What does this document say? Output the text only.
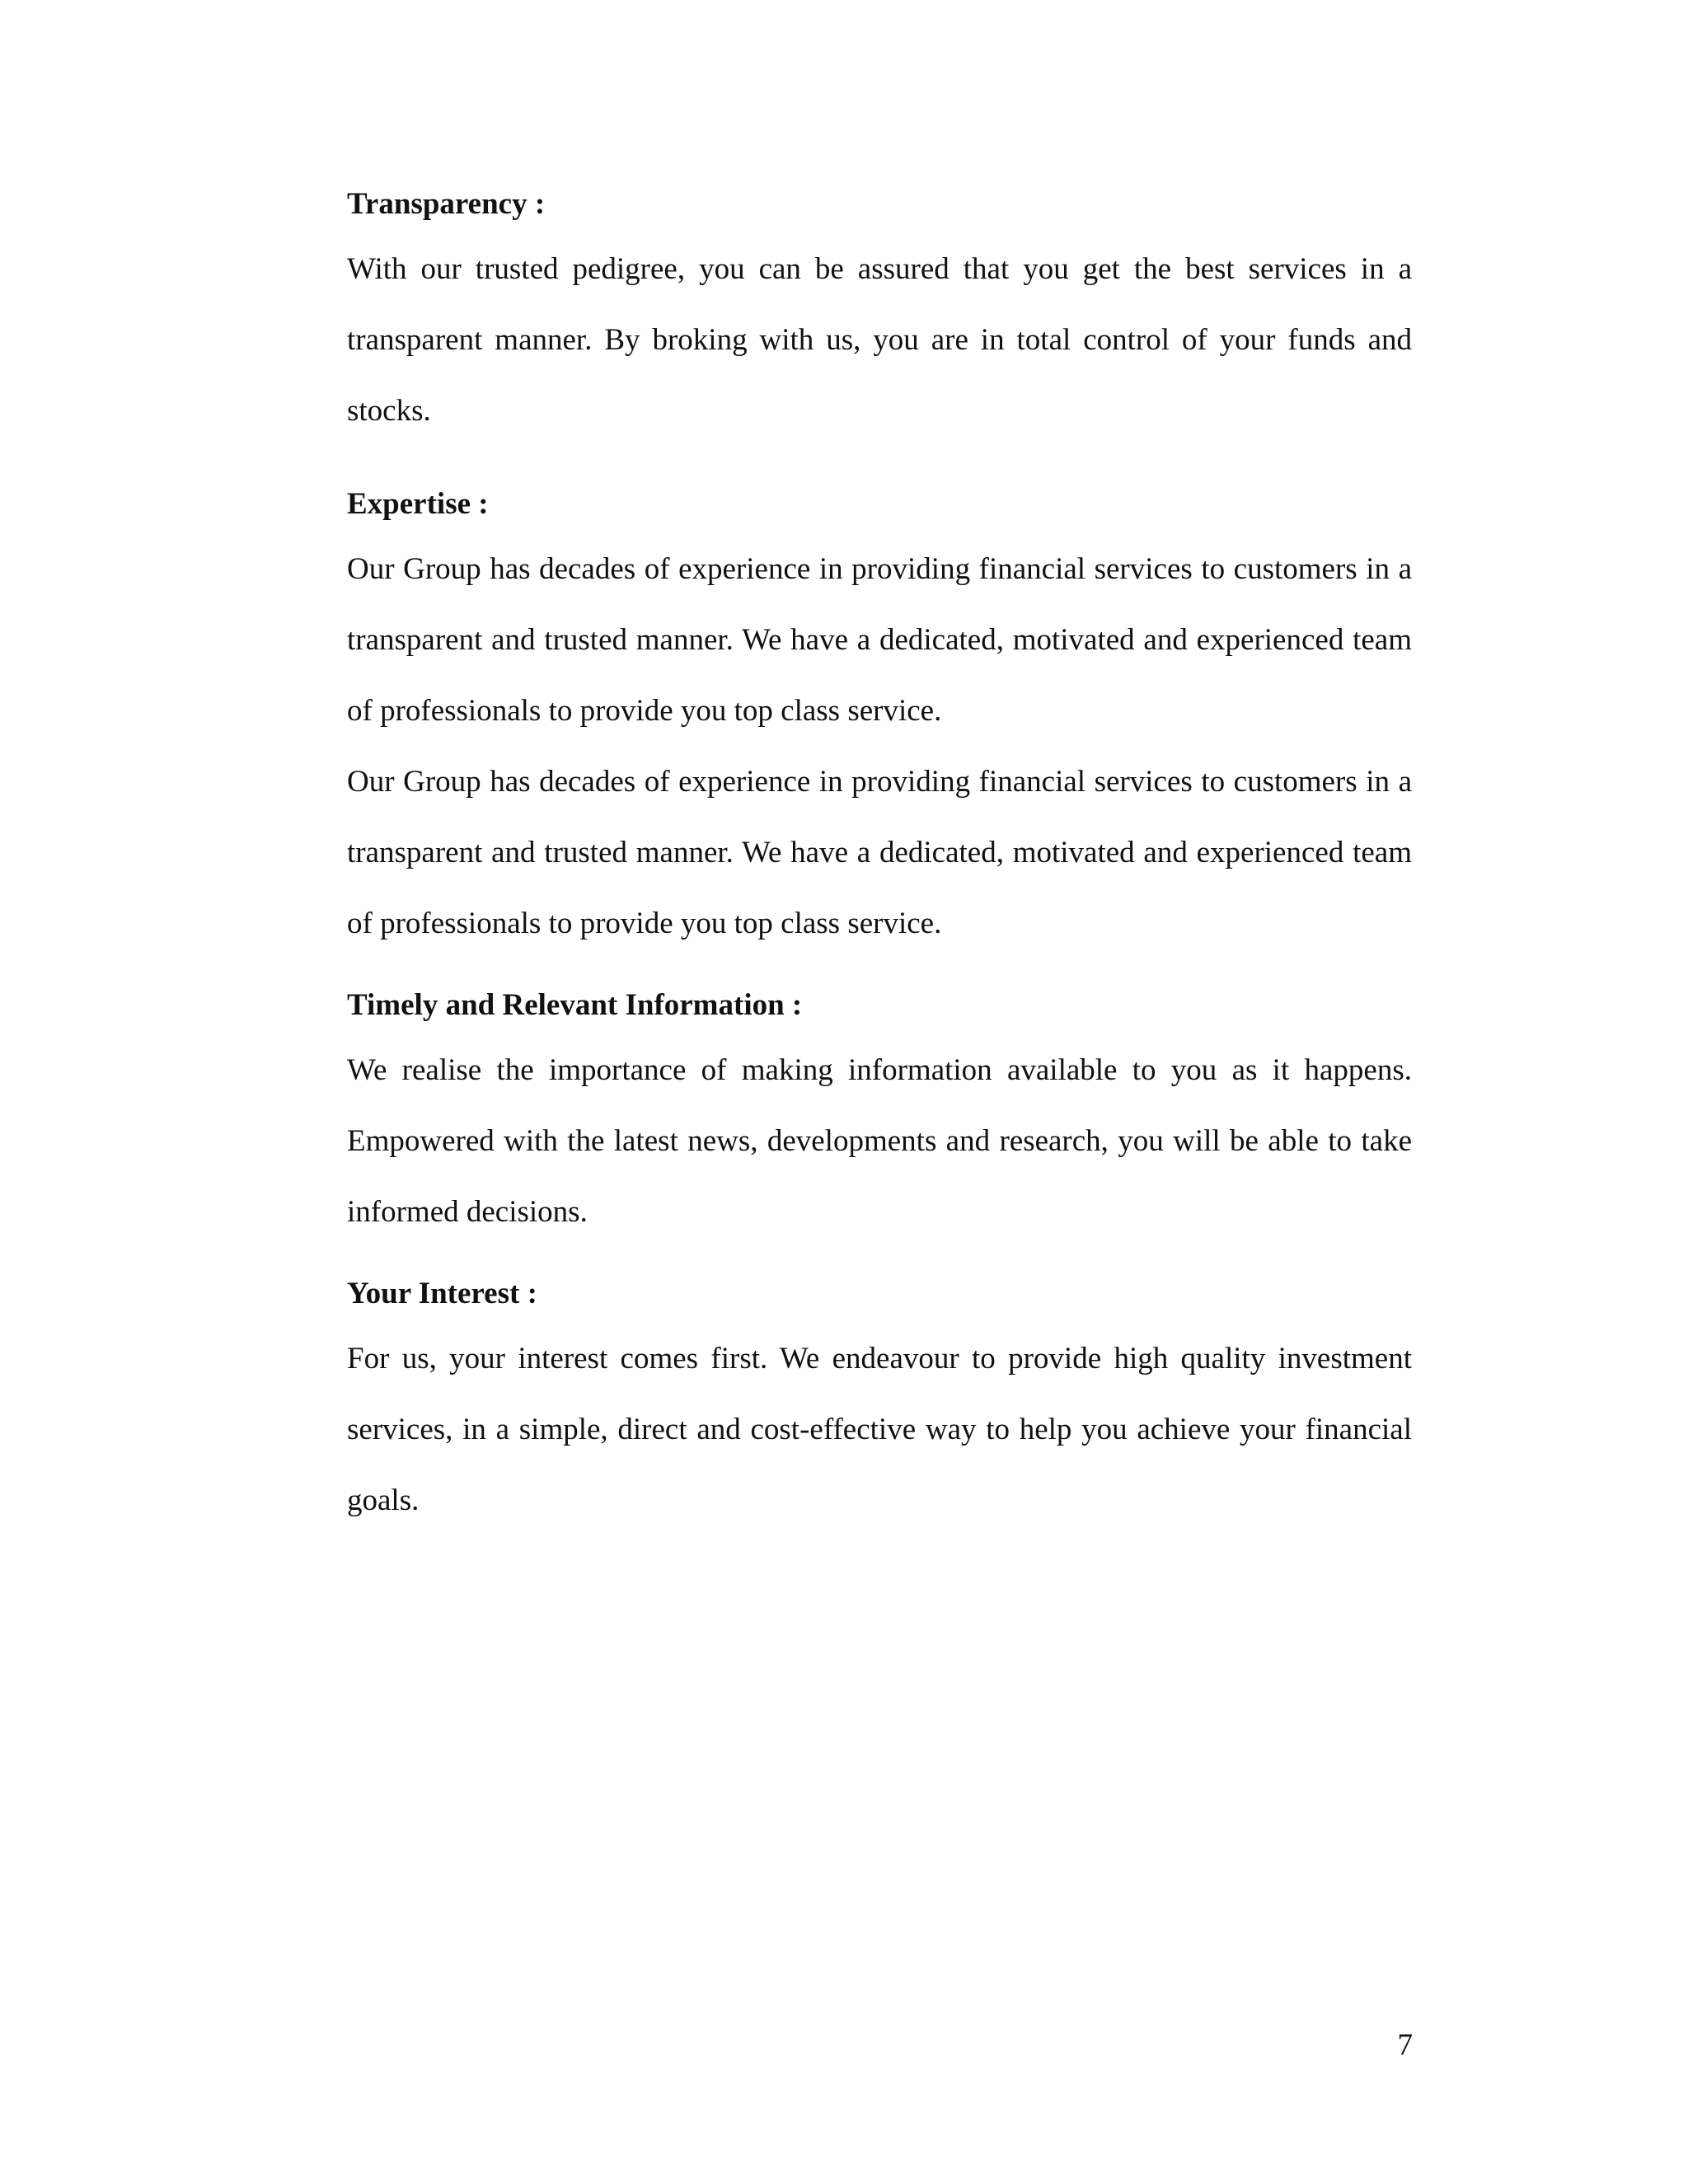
Transparency :

With our trusted pedigree, you can be assured that you get the best services in a transparent manner. By broking with us, you are in total control of your funds and stocks.

Expertise :

Our Group has decades of experience in providing financial services to customers in a transparent and trusted manner. We have a dedicated, motivated and experienced team of professionals to provide you top class service.

Our Group has decades of experience in providing financial services to customers in a transparent and trusted manner. We have a dedicated, motivated and experienced team of professionals to provide you top class service.

Timely and Relevant Information :

We realise the importance of making information available to you as it happens. Empowered with the latest news, developments and research, you will be able to take informed decisions.

Your Interest :

For us, your interest comes first. We endeavour to provide high quality investment services, in a simple, direct and cost-effective way to help you achieve your financial goals.

7
